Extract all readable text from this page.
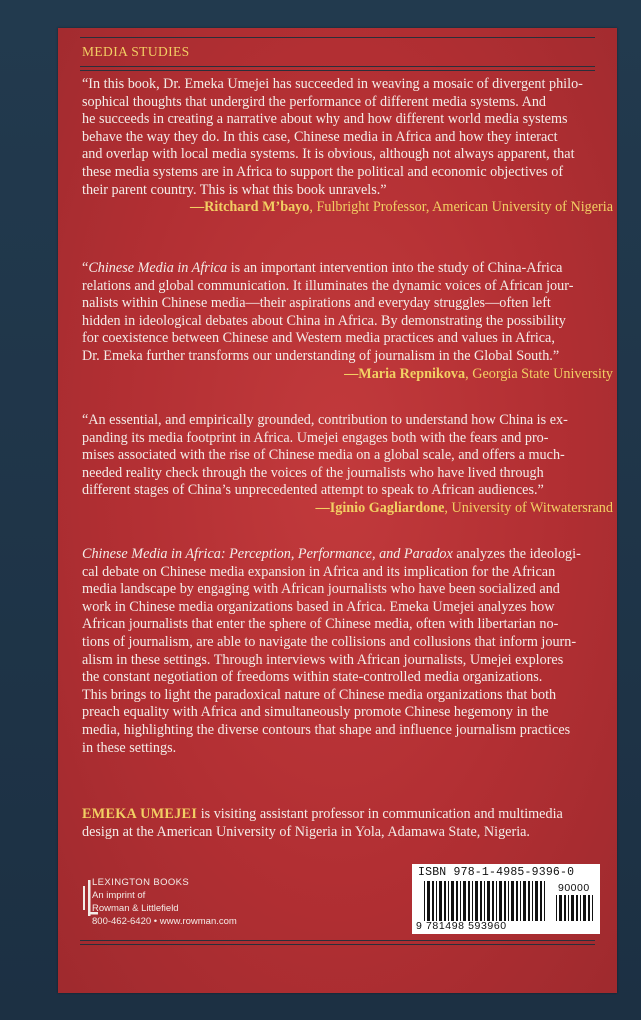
MEDIA STUDIES
“In this book, Dr. Emeka Umejei has succeeded in weaving a mosaic of divergent philo-
sophical thoughts that undergird the performance of different media systems. And
he succeeds in creating a narrative about why and how different world media systems
behave the way they do. In this case, Chinese media in Africa and how they interact
and overlap with local media systems. It is obvious, although not always apparent, that
these media systems are in Africa to support the political and economic objectives of
their parent country. This is what this book unravels.”
—Ritchard M’bayo, Fulbright Professor, American University of Nigeria
“Chinese Media in Africa is an important intervention into the study of China-Africa
relations and global communication. It illuminates the dynamic voices of African jour-
nalists within Chinese media—their aspirations and everyday struggles—often left
hidden in ideological debates about China in Africa. By demonstrating the possibility
for coexistence between Chinese and Western media practices and values in Africa,
Dr. Emeka further transforms our understanding of journalism in the Global South.”
—Maria Repnikova, Georgia State University
“An essential, and empirically grounded, contribution to understand how China is ex-
panding its media footprint in Africa. Umejei engages both with the fears and pro-
mises associated with the rise of Chinese media on a global scale, and offers a much-
needed reality check through the voices of the journalists who have lived through
different stages of China’s unprecedented attempt to speak to African audiences.”
—Iginio Gagliardone, University of Witwatersrand
Chinese Media in Africa: Perception, Performance, and Paradox analyzes the ideologi-
cal debate on Chinese media expansion in Africa and its implication for the African
media landscape by engaging with African journalists who have been socialized and
work in Chinese media organizations based in Africa. Emeka Umejei analyzes how
African journalists that enter the sphere of Chinese media, often with libertarian no-
tions of journalism, are able to navigate the collisions and collusions that inform journ-
alism in these settings. Through interviews with African journalists, Umejei explores
the constant negotiation of freedoms within state-controlled media organizations.
This brings to light the paradoxical nature of Chinese media organizations that both
preach equality with Africa and simultaneously promote Chinese hegemony in the
media, highlighting the diverse contours that shape and influence journalism practices
in these settings.
EMEKA UMEJEI is visiting assistant professor in communication and multimedia
design at the American University of Nigeria in Yola, Adamawa State, Nigeria.
LEXINGTON BOOKS
An imprint of
Rowman & Littlefield
800-462-6420 • www.rowman.com
ISBN 978-1-4985-9396-0
90000
9 781498 593960
